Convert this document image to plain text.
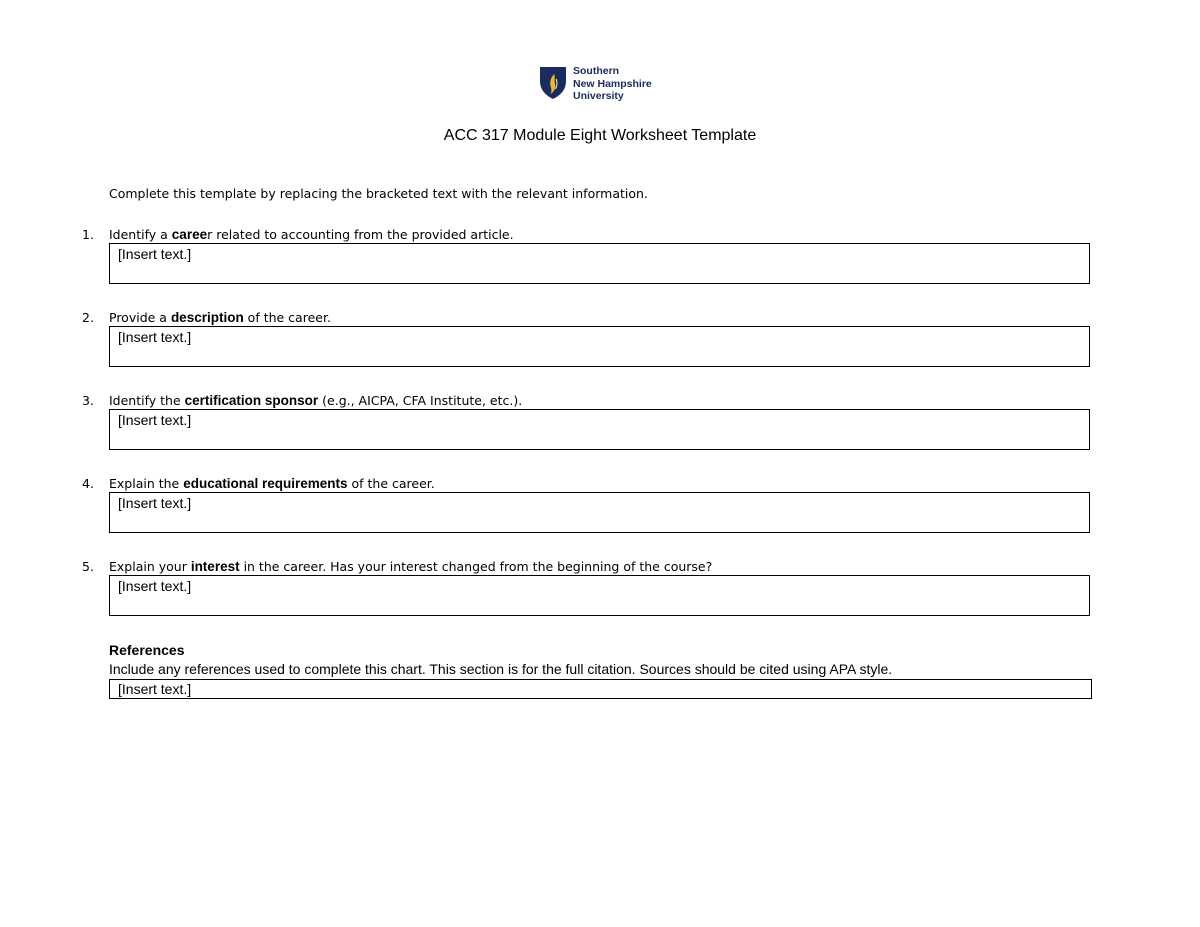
Southern
New Hampshire
University
ACC 317 Module Eight Worksheet Template
Complete this template by replacing the bracketed text with the relevant information.
1. Identify a career related to accounting from the provided article.
[Insert text.]
2. Provide a description of the career.
[Insert text.]
3. Identify the certification sponsor (e.g., AICPA, CFA Institute, etc.).
[Insert text.]
4. Explain the educational requirements of the career.
[Insert text.]
5. Explain your interest in the career. Has your interest changed from the beginning of the course?
[Insert text.]
References
Include any references used to complete this chart. This section is for the full citation. Sources should be cited using APA style.
[Insert text.]
